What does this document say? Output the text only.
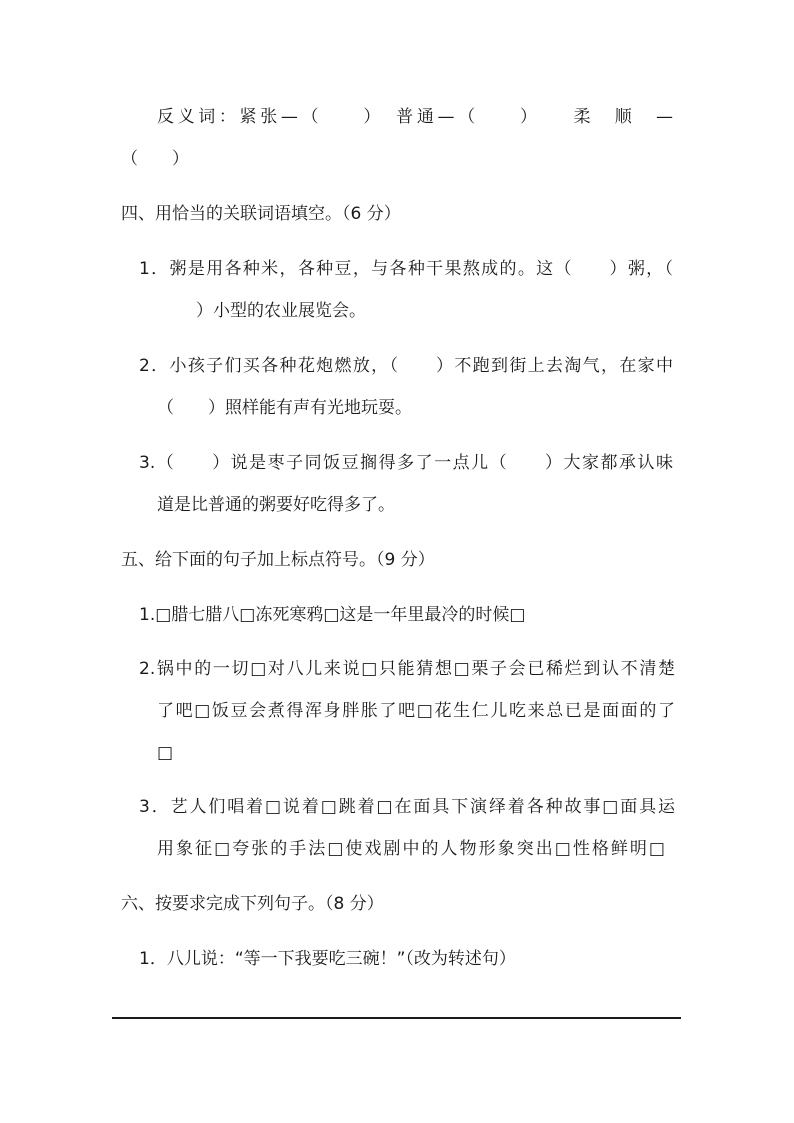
反义词：紧张—（　　）　普通—（　　）　　柔　顺　—
（　　）
四、用恰当的关联词语填空。（6 分）
1．粥是用各种米，各种豆，与各种干果熬成的。这（　　）粥，（
）小型的农业展览会。
2．小孩子们买各种花炮燃放，（　　）不跑到街上去淘气，在家中
（　　）照样能有声有光地玩耍。
3.（　　）说是枣子同饭豆搁得多了一点儿（　　）大家都承认味
道是比普通的粥要好吃得多了。
五、给下面的句子加上标点符号。（9 分）
1.□腊七腊八□冻死寒鸦□这是一年里最冷的时候□
2.锅中的一切□对八儿来说□只能猜想□栗子会已稀烂到认不清楚
了吧□饭豆会煮得浑身胖胀了吧□花生仁儿吃来总已是面面的了
□
3．艺人们唱着□说着□跳着□在面具下演绎着各种故事□面具运
用象征□夸张的手法□使戏剧中的人物形象突出□性格鲜明□
六、按要求完成下列句子。（8 分）
1．八儿说：“等一下我要吃三碗！”（改为转述句）
